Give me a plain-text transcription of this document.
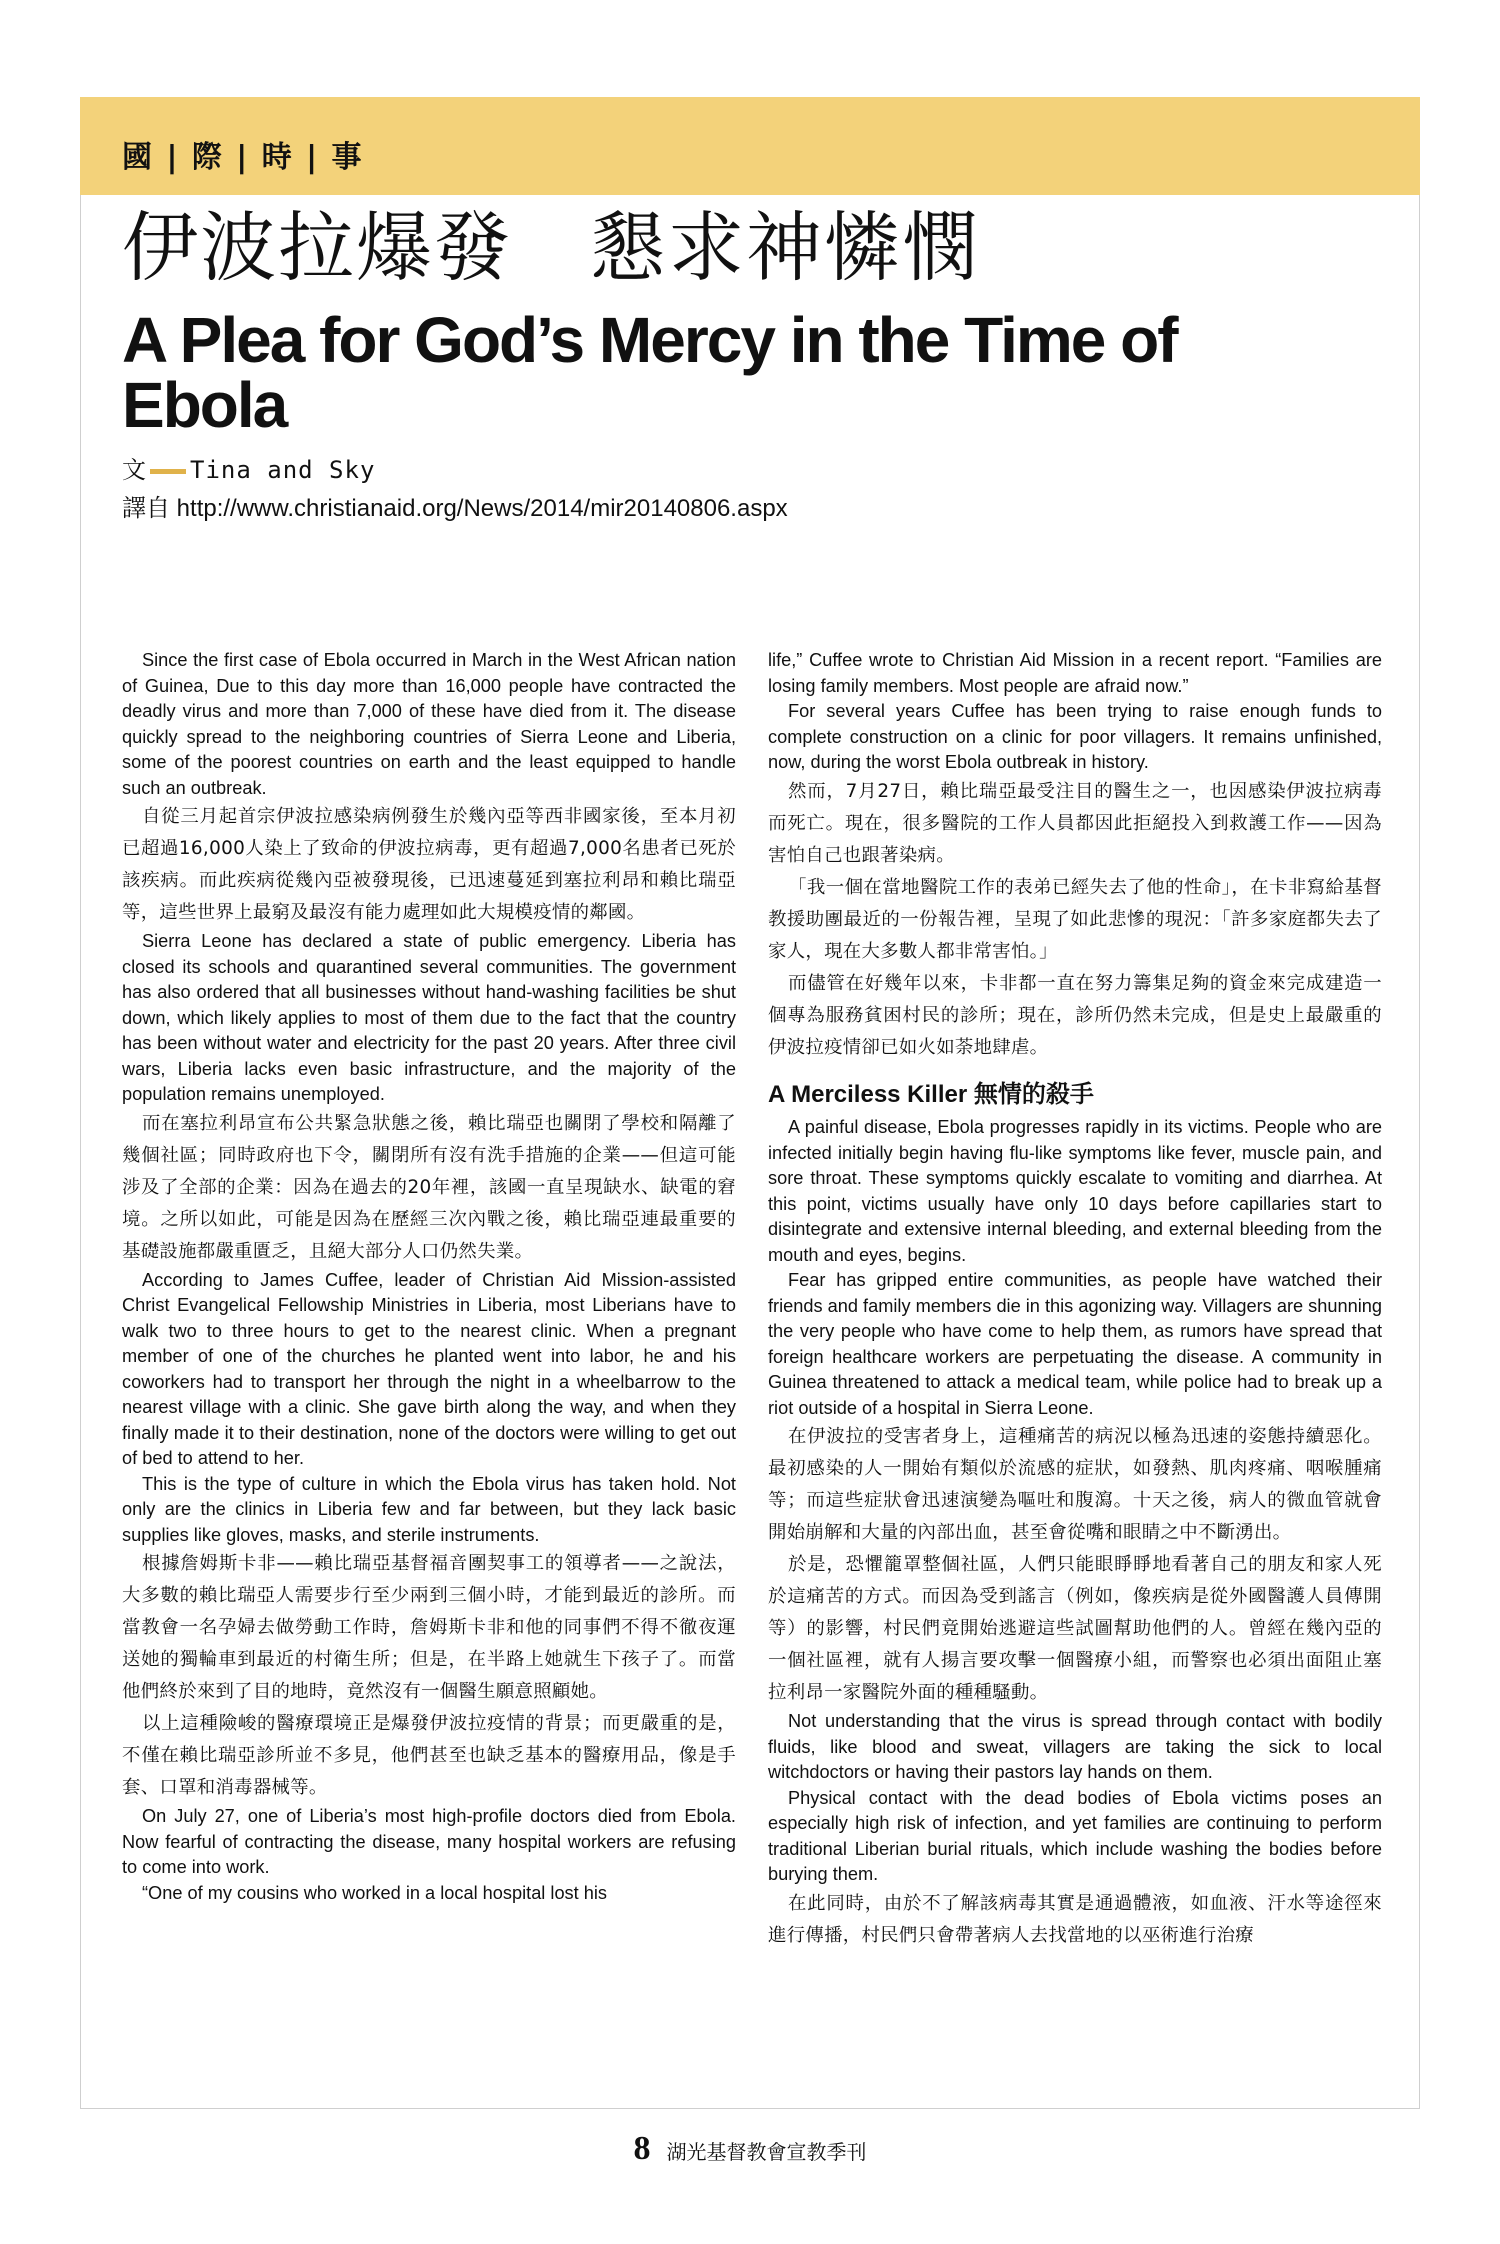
國 | 際 | 時 | 事
伊波拉爆發　懇求神憐憫
A Plea for God’s Mercy in the Time of Ebola
文 Tina and Sky
譯自 http://www.christianaid.org/News/2014/mir20140806.aspx

Since the first case of Ebola occurred in March in the West African nation of Guinea, Due to this day more than 16,000 people have contracted the deadly virus and more than 7,000 of these have died from it. The disease quickly spread to the neighboring countries of Sierra Leone and Liberia, some of the poorest countries on earth and the least equipped to handle such an outbreak.

自從三月起首宗伊波拉感染病例發生於幾內亞等西非國家後，至本月初已超過16,000人染上了致命的伊波拉病毒，更有超過7,000名患者已死於該疾病。而此疾病從幾內亞被發現後，已迅速蔓延到塞拉利昂和賴比瑞亞等，這些世界上最窮及最沒有能力處理如此大規模疫情的鄰國。

Sierra Leone has declared a state of public emergency. Liberia has closed its schools and quarantined several communities. The government has also ordered that all businesses without hand-washing facilities be shut down, which likely applies to most of them due to the fact that the country has been without water and electricity for the past 20 years. After three civil wars, Liberia lacks even basic infrastructure, and the majority of the population remains unemployed.

而在塞拉利昂宣布公共緊急狀態之後，賴比瑞亞也關閉了學校和隔離了幾個社區；同時政府也下令，關閉所有沒有洗手措施的企業——但這可能涉及了全部的企業：因為在過去的20年裡，該國一直呈現缺水、缺電的窘境。之所以如此，可能是因為在歷經三次內戰之後，賴比瑞亞連最重要的基礎設施都嚴重匱乏，且絕大部分人口仍然失業。

According to James Cuffee, leader of Christian Aid Mission-assisted Christ Evangelical Fellowship Ministries in Liberia, most Liberians have to walk two to three hours to get to the nearest clinic. When a pregnant member of one of the churches he planted went into labor, he and his coworkers had to transport her through the night in a wheelbarrow to the nearest village with a clinic. She gave birth along the way, and when they finally made it to their destination, none of the doctors were willing to get out of bed to attend to her.

This is the type of culture in which the Ebola virus has taken hold. Not only are the clinics in Liberia few and far between, but they lack basic supplies like gloves, masks, and sterile instruments.

根據詹姆斯卡非——賴比瑞亞基督福音團契事工的領導者——之說法，大多數的賴比瑞亞人需要步行至少兩到三個小時，才能到最近的診所。而當教會一名孕婦去做勞動工作時，詹姆斯卡非和他的同事們不得不徹夜運送她的獨輪車到最近的村衛生所；但是，在半路上她就生下孩子了。而當他們終於來到了目的地時，竟然沒有一個醫生願意照顧她。

以上這種險峻的醫療環境正是爆發伊波拉疫情的背景；而更嚴重的是，不僅在賴比瑞亞診所並不多見，他們甚至也缺乏基本的醫療用品，像是手套、口罩和消毒器械等。

On July 27, one of Liberia’s most high-profile doctors died from Ebola. Now fearful of contracting the disease, many hospital workers are refusing to come into work.

“One of my cousins who worked in a local hospital lost his

life,” Cuffee wrote to Christian Aid Mission in a recent report. “Families are losing family members. Most people are afraid now.”

For several years Cuffee has been trying to raise enough funds to complete construction on a clinic for poor villagers. It remains unfinished, now, during the worst Ebola outbreak in history.

然而，7月27日，賴比瑞亞最受注目的醫生之一，也因感染伊波拉病毒而死亡。現在，很多醫院的工作人員都因此拒絕投入到救護工作——因為害怕自己也跟著染病。

「我一個在當地醫院工作的表弟已經失去了他的性命」，在卡非寫給基督教援助團最近的一份報告裡，呈現了如此悲慘的現況：「許多家庭都失去了家人，現在大多數人都非常害怕。」

而儘管在好幾年以來，卡非都一直在努力籌集足夠的資金來完成建造一個專為服務貧困村民的診所；現在，診所仍然未完成，但是史上最嚴重的伊波拉疫情卻已如火如荼地肆虐。

A Merciless Killer 無情的殺手

A painful disease, Ebola progresses rapidly in its victims. People who are infected initially begin having flu-like symptoms like fever, muscle pain, and sore throat. These symptoms quickly escalate to vomiting and diarrhea. At this point, victims usually have only 10 days before capillaries start to disintegrate and extensive internal bleeding, and external bleeding from the mouth and eyes, begins.

Fear has gripped entire communities, as people have watched their friends and family members die in this agonizing way. Villagers are shunning the very people who have come to help them, as rumors have spread that foreign healthcare workers are perpetuating the disease. A community in Guinea threatened to attack a medical team, while police had to break up a riot outside of a hospital in Sierra Leone.

在伊波拉的受害者身上，這種痛苦的病況以極為迅速的姿態持續惡化。最初感染的人一開始有類似於流感的症狀，如發熱、肌肉疼痛、咽喉腫痛等；而這些症狀會迅速演變為嘔吐和腹瀉。十天之後，病人的微血管就會開始崩解和大量的內部出血，甚至會從嘴和眼睛之中不斷湧出。

於是，恐懼籠罩整個社區，人們只能眼睜睜地看著自己的朋友和家人死於這痛苦的方式。而因為受到謠言（例如，像疾病是從外國醫護人員傳開等）的影響，村民們竟開始逃避這些試圖幫助他們的人。曾經在幾內亞的一個社區裡，就有人揚言要攻擊一個醫療小組，而警察也必須出面阻止塞拉利昂一家醫院外面的種種騷動。

Not understanding that the virus is spread through contact with bodily fluids, like blood and sweat, villagers are taking the sick to local witchdoctors or having their pastors lay hands on them.

Physical contact with the dead bodies of Ebola victims poses an especially high risk of infection, and yet families are continuing to perform traditional Liberian burial rituals, which include washing the bodies before burying them.

在此同時，由於不了解該病毒其實是通過體液，如血液、汗水等途徑來進行傳播，村民們只會帶著病人去找當地的以巫術進行治療

8 湖光基督教會宣教季刊
